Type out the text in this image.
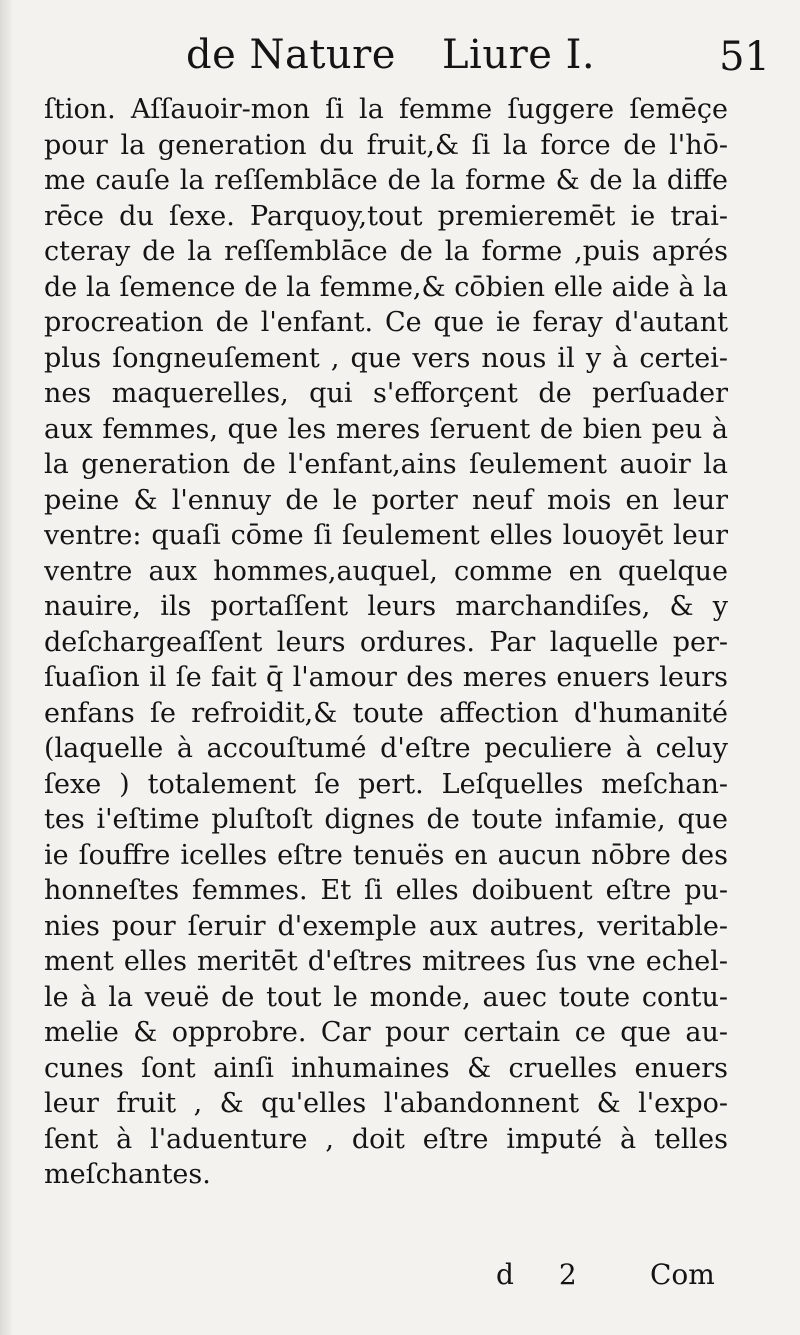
de Nature Liure I.	51
ſtion. Aſſauoir-mon ſi la femme ſuggere ſemēçe
pour la generation du fruit,& ſi la force de l'hō-
me cauſe la reſſemblāce de la forme & de la diffe
rēce du ſexe. Parquoy,tout premieremēt ie trai-
cteray de la reſſemblāce de la forme ,puis aprés
de la ſemence de la femme,& cōbien elle aide à la
procreation de l'enfant. Ce que ie feray d'autant
plus ſongneuſement , que vers nous il y à certei-
nes maquerelles, qui s'efforçent de perſuader
aux femmes, que les meres ſeruent de bien peu à
la generation de l'enfant,ains ſeulement auoir la
peine & l'ennuy de le porter neuf mois en leur
ventre: quaſi cōme ſi ſeulement elles louoyēt leur
ventre aux hommes,auquel, comme en quelque
nauire, ils portaſſent leurs marchandiſes, & y
deſchargeaſſent leurs ordures. Par laquelle per-
ſuaſion il ſe fait q̄ l'amour des meres enuers leurs
enfans ſe refroidit,& toute affection d'humanité
(laquelle à accouſtumé d'eſtre peculiere à celuy
ſexe ) totalement ſe pert. Leſquelles meſchan-
tes i'eſtime pluſtoſt dignes de toute infamie, que
ie ſouffre icelles eſtre tenuës en aucun nōbre des
honneſtes femmes. Et ſi elles doibuent eſtre pu-
nies pour ſeruir d'exemple aux autres, veritable-
ment elles meritēt d'eſtres mitrees ſus vne echel-
le à la veuë de tout le monde, auec toute contu-
melie & opprobre. Car pour certain ce que au-
cunes ſont ainſi inhumaines & cruelles enuers
leur fruit , & qu'elles l'abandonnent & l'expo-
ſent à l'aduenture , doit eſtre imputé à telles
meſchantes.
d 2 Com
